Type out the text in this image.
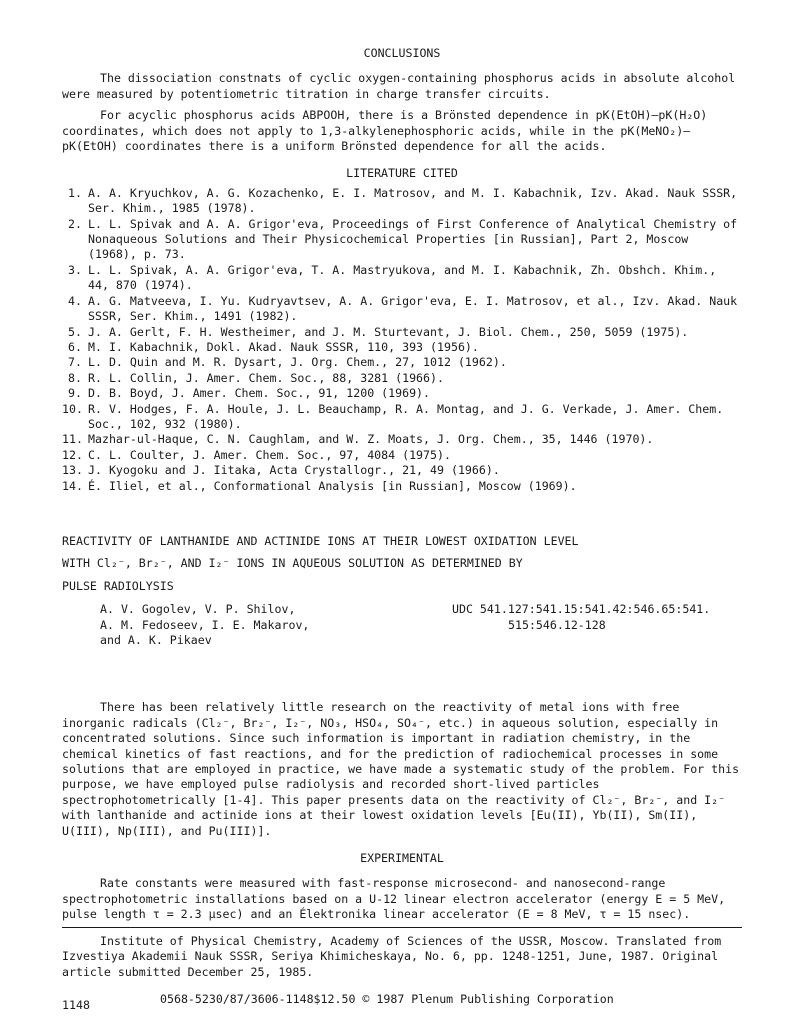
CONCLUSIONS

The dissociation constnats of cyclic oxygen-containing phosphorus acids in absolute alcohol were measured by potentiometric titration in charge transfer circuits.

For acyclic phosphorus acids ABPOOH, there is a Brönsted dependence in pK(EtOH)–pK(H₂O) coordinates, which does not apply to 1,3-alkylenephosphoric acids, while in the pK(MeNO₂)–pK(EtOH) coordinates there is a uniform Brönsted dependence for all the acids.

LITERATURE CITED
1. A. A. Kryuchkov, A. G. Kozachenko, E. I. Matrosov, and M. I. Kabachnik, Izv. Akad. Nauk SSSR, Ser. Khim., 1985 (1978).
2. L. L. Spivak and A. A. Grigor'eva, Proceedings of First Conference of Analytical Chemistry of Nonaqueous Solutions and Their Physicochemical Properties [in Russian], Part 2, Moscow (1968), p. 73.
3. L. L. Spivak, A. A. Grigor'eva, T. A. Mastryukova, and M. I. Kabachnik, Zh. Obshch. Khim., 44, 870 (1974).
4. A. G. Matveeva, I. Yu. Kudryavtsev, A. A. Grigor'eva, E. I. Matrosov, et al., Izv. Akad. Nauk SSSR, Ser. Khim., 1491 (1982).
5. J. A. Gerlt, F. H. Westheimer, and J. M. Sturtevant, J. Biol. Chem., 250, 5059 (1975).
6. M. I. Kabachnik, Dokl. Akad. Nauk SSSR, 110, 393 (1956).
7. L. D. Quin and M. R. Dysart, J. Org. Chem., 27, 1012 (1962).
8. R. L. Collin, J. Amer. Chem. Soc., 88, 3281 (1966).
9. D. B. Boyd, J. Amer. Chem. Soc., 91, 1200 (1969).
10. R. V. Hodges, F. A. Houle, J. L. Beauchamp, R. A. Montag, and J. G. Verkade, J. Amer. Chem. Soc., 102, 932 (1980).
11. Mazhar-ul-Haque, C. N. Caughlam, and W. Z. Moats, J. Org. Chem., 35, 1446 (1970).
12. C. L. Coulter, J. Amer. Chem. Soc., 97, 4084 (1975).
13. J. Kyogoku and J. Iitaka, Acta Crystallogr., 21, 49 (1966).
14. É. Iliel, et al., Conformational Analysis [in Russian], Moscow (1969).
REACTIVITY OF LANTHANIDE AND ACTINIDE IONS AT THEIR LOWEST OXIDATION LEVEL
WITH Cl₂⁻, Br₂⁻, AND I₂⁻ IONS IN AQUEOUS SOLUTION AS DETERMINED BY
PULSE RADIOLYSIS
A. V. Gogolev, V. P. Shilov,
A. M. Fedoseev, I. E. Makarov,
and A. K. Pikaev
UDC 541.127:541.15:541.42:546.65:541.
515:546.12-128

There has been relatively little research on the reactivity of metal ions with free inorganic radicals (Cl₂⁻, Br₂⁻, I₂⁻, NO₃, HSO₄, SO₄⁻, etc.) in aqueous solution, especially in concentrated solutions. Since such information is important in radiation chemistry, in the chemical kinetics of fast reactions, and for the prediction of radiochemical processes in some solutions that are employed in practice, we have made a systematic study of the problem. For this purpose, we have employed pulse radiolysis and recorded short-lived particles spectrophotometrically [1-4]. This paper presents data on the reactivity of Cl₂⁻, Br₂⁻, and I₂⁻ with lanthanide and actinide ions at their lowest oxidation levels [Eu(II), Yb(II), Sm(II), U(III), Np(III), and Pu(III)].

EXPERIMENTAL

Rate constants were measured with fast-response microsecond- and nanosecond-range spectrophotometric installations based on a U-12 linear electron accelerator (energy E = 5 MeV, pulse length τ = 2.3 μsec) and an Élektronika linear accelerator (E = 8 MeV, τ = 15 nsec).

Institute of Physical Chemistry, Academy of Sciences of the USSR, Moscow. Translated from Izvestiya Akademii Nauk SSSR, Seriya Khimicheskaya, No. 6, pp. 1248-1251, June, 1987. Original article submitted December 25, 1985.

1148	0568-5230/87/3606-1148$12.50 © 1987 Plenum Publishing Corporation
